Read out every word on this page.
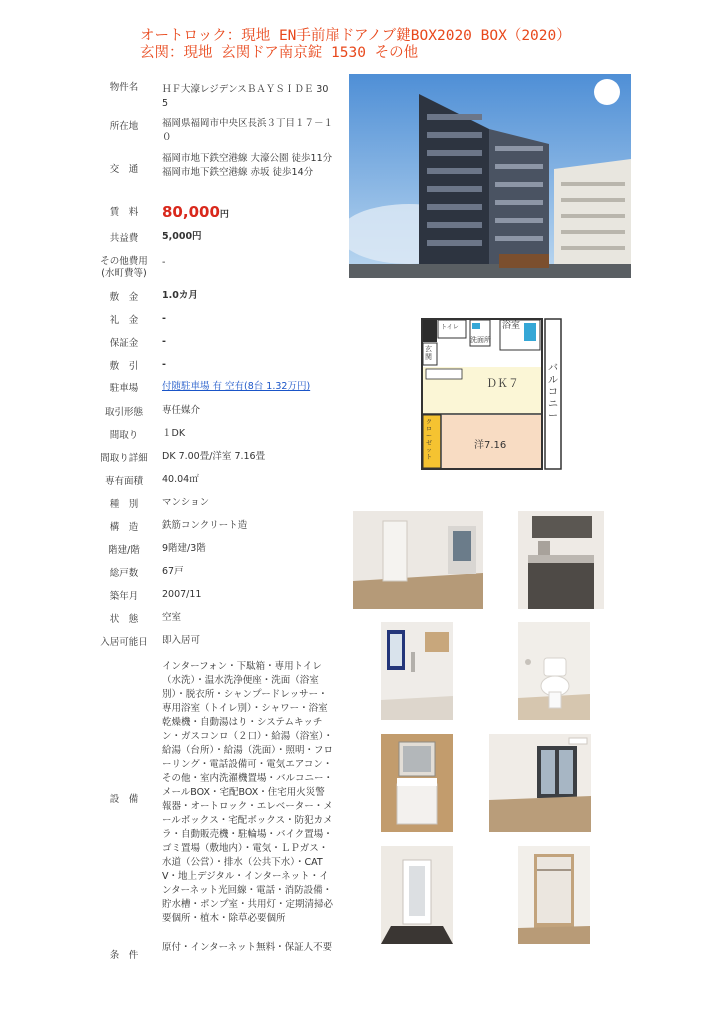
オートロック：現地 EN手前扉ドアノブ鍵BOX2020 BOX（2020）
玄関：現地 玄関ドア南京錠 1530 その他
物件名	ＨＦ大濠レジデンスＢＡＹＳＩＤＥ 305
所在地	福岡県福岡市中央区長浜３丁目１７－１０
交　通
福岡市地下鉄空港線 大濠公園 徒歩11分
福岡市地下鉄空港線 赤坂 徒歩14分
賃　料	80,000円
共益費	5,000円
その他費用
(水町費等)
-
敷　金	1.0カ月
礼　金	-
保証金	-
敷　引	-
駐車場	付随駐車場 有 空有(8台 1.32万円)
取引形態	専任媒介
間取り	１DK
間取り詳細	DK 7.00畳/洋室 7.16畳
専有面積	40.04㎡
種　別	マンション
構　造	鉄筋コンクリート造
階建/階	9階建/3階
総戸数	67戸
築年月	2007/11
状　態	空室
入居可能日	即入居可
設　備
インターフォン・下駄箱・専用トイレ（水洗）・温水洗浄便座・洗面（浴室別）・脱衣所・シャンプードレッサー・専用浴室（トイレ別）・シャワー・浴室乾燥機・自動湯はり・システムキッチン・ガスコンロ（２口）・給湯（浴室）・給湯（台所）・給湯（洗面）・照明・フローリング・電話設備可・電気エアコン・その他・室内洗濯機置場・バルコニー・メールBOX・宅配BOX・住宅用火災警報器・オートロック・エレベーター・メールボックス・宅配ボックス・防犯カメラ・自動販売機・駐輪場・バイク置場・ゴミ置場（敷地内）・電気・ＬＰガス・水道（公営）・排水（公共下水）・CATV・地上デジタル・インターネット・インターネット光回線・電話・消防設備・貯水槽・ポンプ室・共用灯・定期清掃必要個所・植木・除草必要個所
条　件
原付・インターネット無料・保証人不要
トイレ
洗面所
浴室
玄関
ＤＫ７
洋7.16
クローゼット
バルコニー
